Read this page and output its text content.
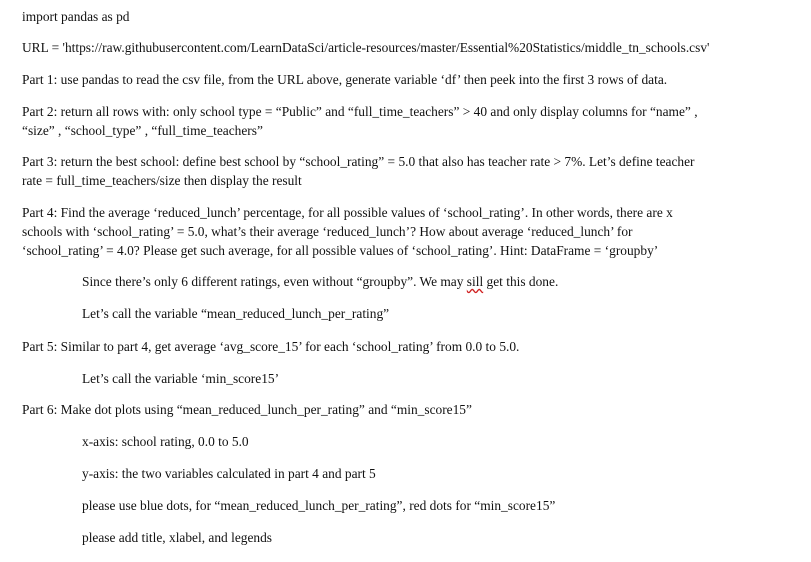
import pandas as pd
URL = 'https://raw.githubusercontent.com/LearnDataSci/article-resources/master/Essential%20Statistics/middle_tn_schools.csv'
Part 1: use pandas to read the csv file, from the URL above, generate variable ‘df’ then peek into the first 3 rows of data.
Part 2: return all rows with: only school type = “Public” and “full_time_teachers” > 40 and only display columns for “name” ,
“size” , “school_type” , “full_time_teachers”
Part 3: return the best school: define best school by “school_rating” = 5.0 that also has teacher rate > 7%. Let’s define teacher
rate = full_time_teachers/size then display the result
Part 4: Find the average ‘reduced_lunch’ percentage, for all possible values of ‘school_rating’. In other words, there are x
schools with ‘school_rating’ = 5.0, what’s their average ‘reduced_lunch’? How about average ‘reduced_lunch’ for
‘school_rating’ = 4.0? Please get such average, for all possible values of ‘school_rating’. Hint: DataFrame = ‘groupby’
Since there’s only 6 different ratings, even without “groupby”. We may sill get this done.
Let’s call the variable “mean_reduced_lunch_per_rating”
Part 5: Similar to part 4, get average ‘avg_score_15’ for each ‘school_rating’ from 0.0 to 5.0.
Let’s call the variable ‘min_score15’
Part 6: Make dot plots using “mean_reduced_lunch_per_rating” and “min_score15”
x-axis: school rating, 0.0 to 5.0
y-axis: the two variables calculated in part 4 and part 5
please use blue dots, for “mean_reduced_lunch_per_rating”, red dots for “min_score15”
please add title, xlabel, and legends
